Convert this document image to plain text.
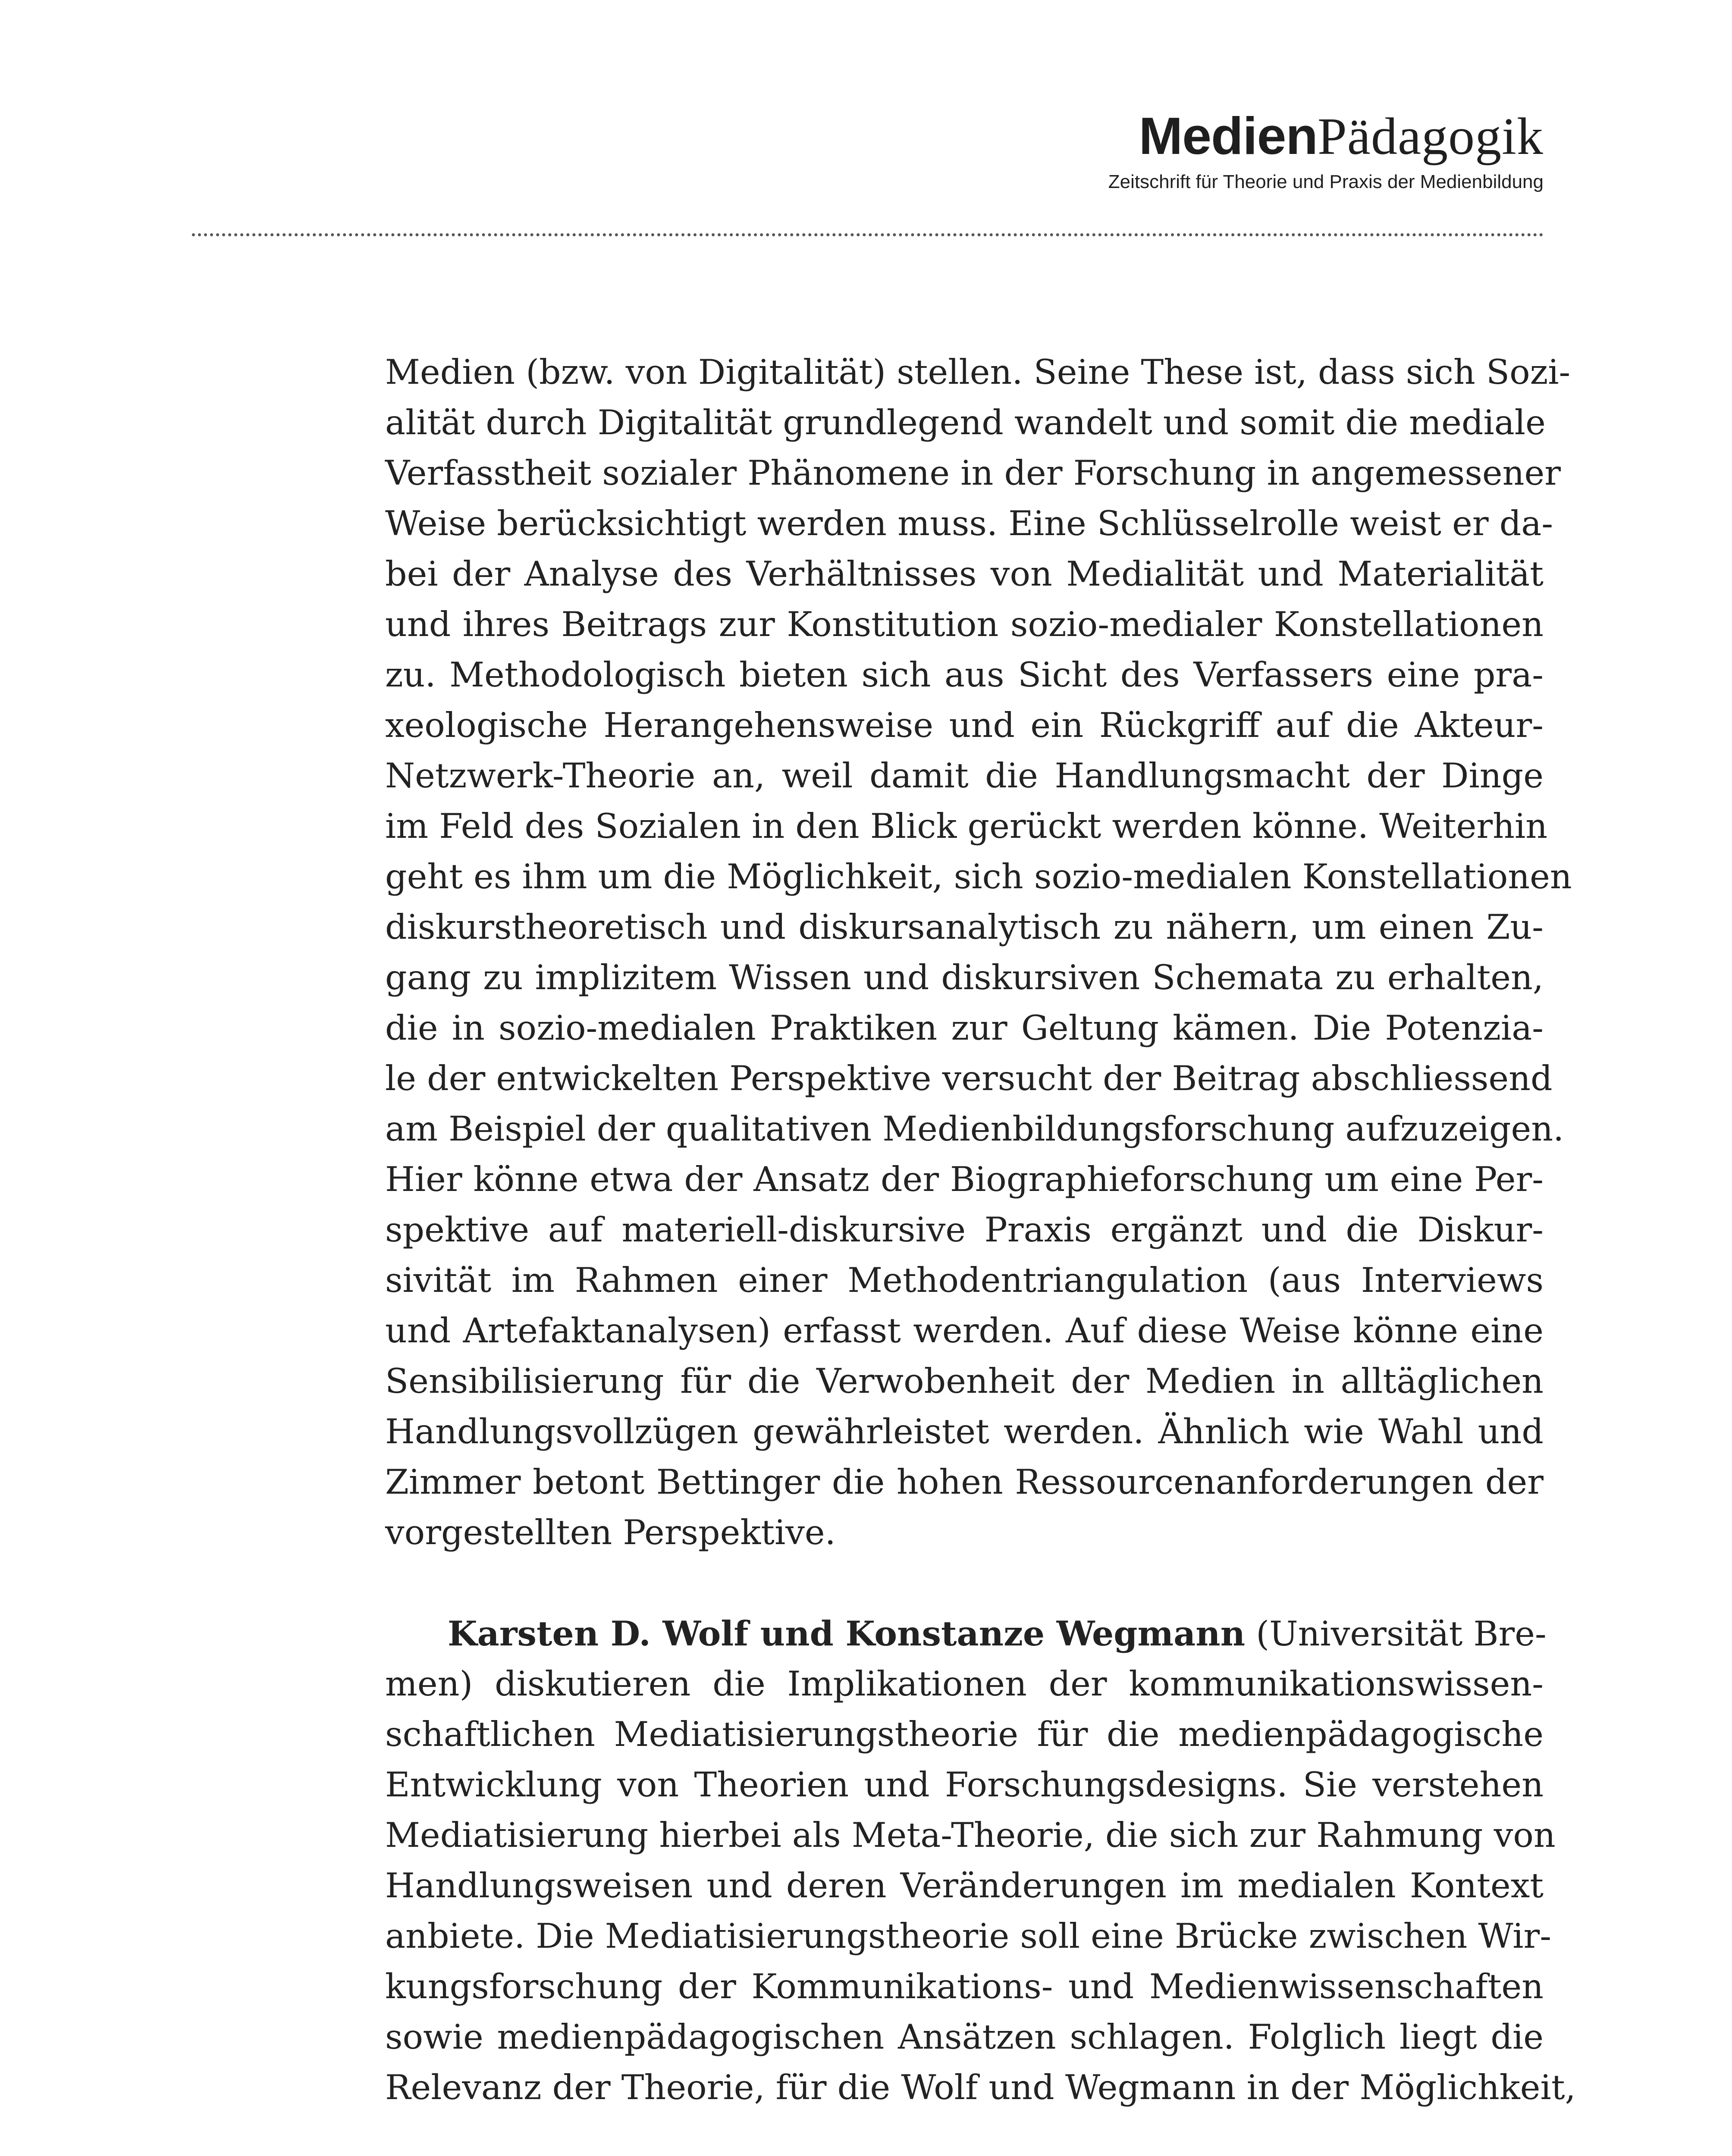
MedienPädagogik
Zeitschrift für Theorie und Praxis der Medienbildung
Medien (bzw. von Digitalität) stellen. Seine These ist, dass sich Sozi-
alität durch Digitalität grundlegend wandelt und somit die mediale
Verfasstheit sozialer Phänomene in der Forschung in angemessener
Weise berücksichtigt werden muss. Eine Schlüsselrolle weist er da-
bei der Analyse des Verhältnisses von Medialität und Materialität
und ihres Beitrags zur Konstitution sozio-medialer Konstellationen
zu. Methodologisch bieten sich aus Sicht des Verfassers eine pra-
xeologische Herangehensweise und ein Rückgriff auf die Akteur-
Netzwerk-Theorie an, weil damit die Handlungsmacht der Dinge
im Feld des Sozialen in den Blick gerückt werden könne. Weiterhin
geht es ihm um die Möglichkeit, sich sozio-medialen Konstellationen
diskurstheoretisch und diskursanalytisch zu nähern, um einen Zu-
gang zu implizitem Wissen und diskursiven Schemata zu erhalten,
die in sozio-medialen Praktiken zur Geltung kämen. Die Potenzia-
le der entwickelten Perspektive versucht der Beitrag abschliessend
am Beispiel der qualitativen Medienbildungsforschung aufzuzeigen.
Hier könne etwa der Ansatz der Biographieforschung um eine Per-
spektive auf materiell-diskursive Praxis ergänzt und die Diskur-
sivität im Rahmen einer Methodentriangulation (aus Interviews
und Artefaktanalysen) erfasst werden. Auf diese Weise könne eine
Sensibilisierung für die Verwobenheit der Medien in alltäglichen
Handlungsvollzügen gewährleistet werden. Ähnlich wie Wahl und
Zimmer betont Bettinger die hohen Ressourcenanforderungen der
vorgestellten Perspektive.
Karsten D. Wolf und Konstanze Wegmann (Universität Bre-
men) diskutieren die Implikationen der kommunikationswissen-
schaftlichen Mediatisierungstheorie für die medienpädagogische
Entwicklung von Theorien und Forschungsdesigns. Sie verstehen
Mediatisierung hierbei als Meta-Theorie, die sich zur Rahmung von
Handlungsweisen und deren Veränderungen im medialen Kontext
anbiete. Die Mediatisierungstheorie soll eine Brücke zwischen Wir-
kungsforschung der Kommunikations- und Medienwissenschaften
sowie medienpädagogischen Ansätzen schlagen. Folglich liegt die
Relevanz der Theorie, für die Wolf und Wegmann in der Möglichkeit,
